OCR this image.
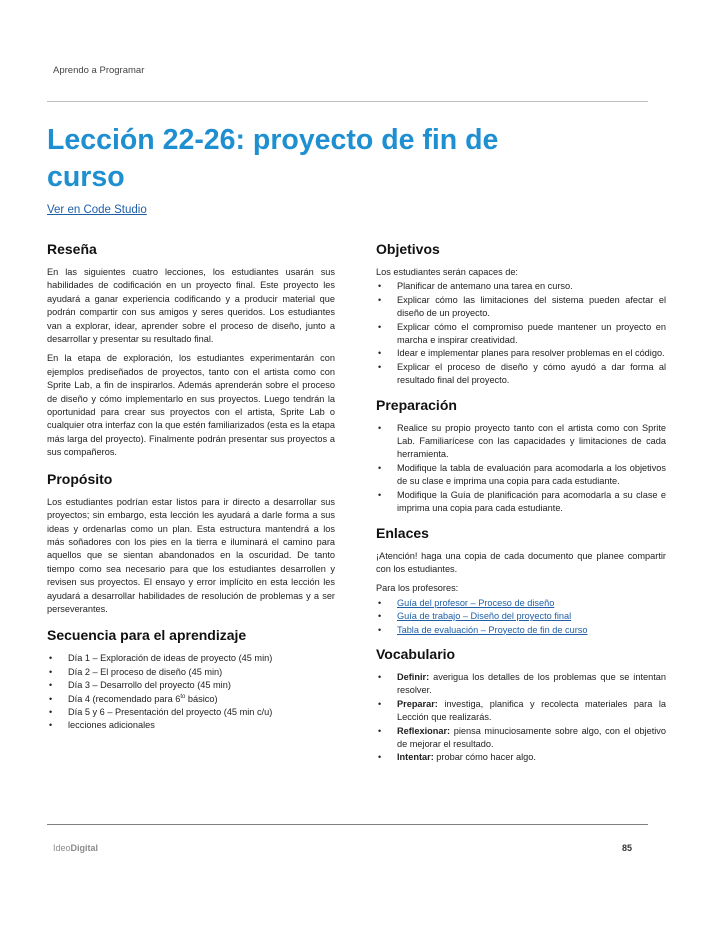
Aprendo a Programar
Lección 22-26: proyecto de fin de curso
Ver en Code Studio
Reseña

En las siguientes cuatro lecciones, los estudiantes usarán sus habilidades de codificación en un proyecto final. Este proyecto les ayudará a ganar experiencia codificando y a producir material que podrán compartir con sus amigos y seres queridos. Los estudiantes van a explorar, idear, aprender sobre el proceso de diseño, junto a desarrollar y presentar su resultado final.

En la etapa de exploración, los estudiantes experimentarán con ejemplos prediseñados de proyectos, tanto con el artista como con Sprite Lab, a fin de inspirarlos. Además aprenderán sobre el proceso de diseño y cómo implementarlo en sus proyectos. Luego tendrán la oportunidad para crear sus proyectos con el artista, Sprite Lab o cualquier otra interfaz con la que estén familiarizados (esta es la etapa más larga del proyecto). Finalmente podrán presentar sus proyectos a sus compañeros.

Propósito

Los estudiantes podrían estar listos para ir directo a desarrollar sus proyectos; sin embargo, esta lección les ayudará a darle forma a sus ideas y ordenarlas como un plan. Esta estructura mantendrá a los más soñadores con los pies en la tierra e iluminará el camino para aquellos que se sientan abandonados en la oscuridad. De tanto tiempo como sea necesario para que los estudiantes desarrollen y revisen sus proyectos. El ensayo y error implícito en esta lección les ayudará a desarrollar habilidades de resolución de problemas y a ser perseverantes.

Secuencia para el aprendizaje
• Día 1 – Exploración de ideas de proyecto (45 min)
• Día 2 – El proceso de diseño (45 min)
• Día 3 – Desarrollo del proyecto (45 min)
• Día 4 (recomendado para $6^{to}$ básico)
• Día 5 y 6 – Presentación del proyecto (45 min c/u)
• lecciones adicionales
Objetivos

Los estudiantes serán capaces de:

• Planificar de antemano una tarea en curso.
• Explicar cómo las limitaciones del sistema pueden afectar el diseño de un proyecto.
• Explicar cómo el compromiso puede mantener un proyecto en marcha e inspirar creatividad.
• Idear e implementar planes para resolver problemas en el código.
• Explicar el proceso de diseño y cómo ayudó a dar forma al resultado final del proyecto.
Preparación
• Realice su propio proyecto tanto con el artista como con Sprite Lab. Familiarícese con las capacidades y limitaciones de cada herramienta.
• Modifique la tabla de evaluación para acomodarla a los objetivos de su clase e imprima una copia para cada estudiante.
• Modifique la Guía de planificación para acomodarla a su clase e imprima una copia para cada estudiante.
Enlaces

¡Atención! haga una copia de cada documento que planee compartir con los estudiantes.

Para los profesores:

• Guía del profesor – Proceso de diseño
• Guía de trabajo – Diseño del proyecto final
• Tabla de evaluación – Proyecto de fin de curso
Vocabulario
• Definir: averigua los detalles de los problemas que se intentan resolver.
• Preparar: investiga, planifica y recolecta materiales para la Lección que realizarás.
• Reflexionar: piensa minuciosamente sobre algo, con el objetivo de mejorar el resultado.
• Intentar: probar cómo hacer algo.
IdeoDigital	85
